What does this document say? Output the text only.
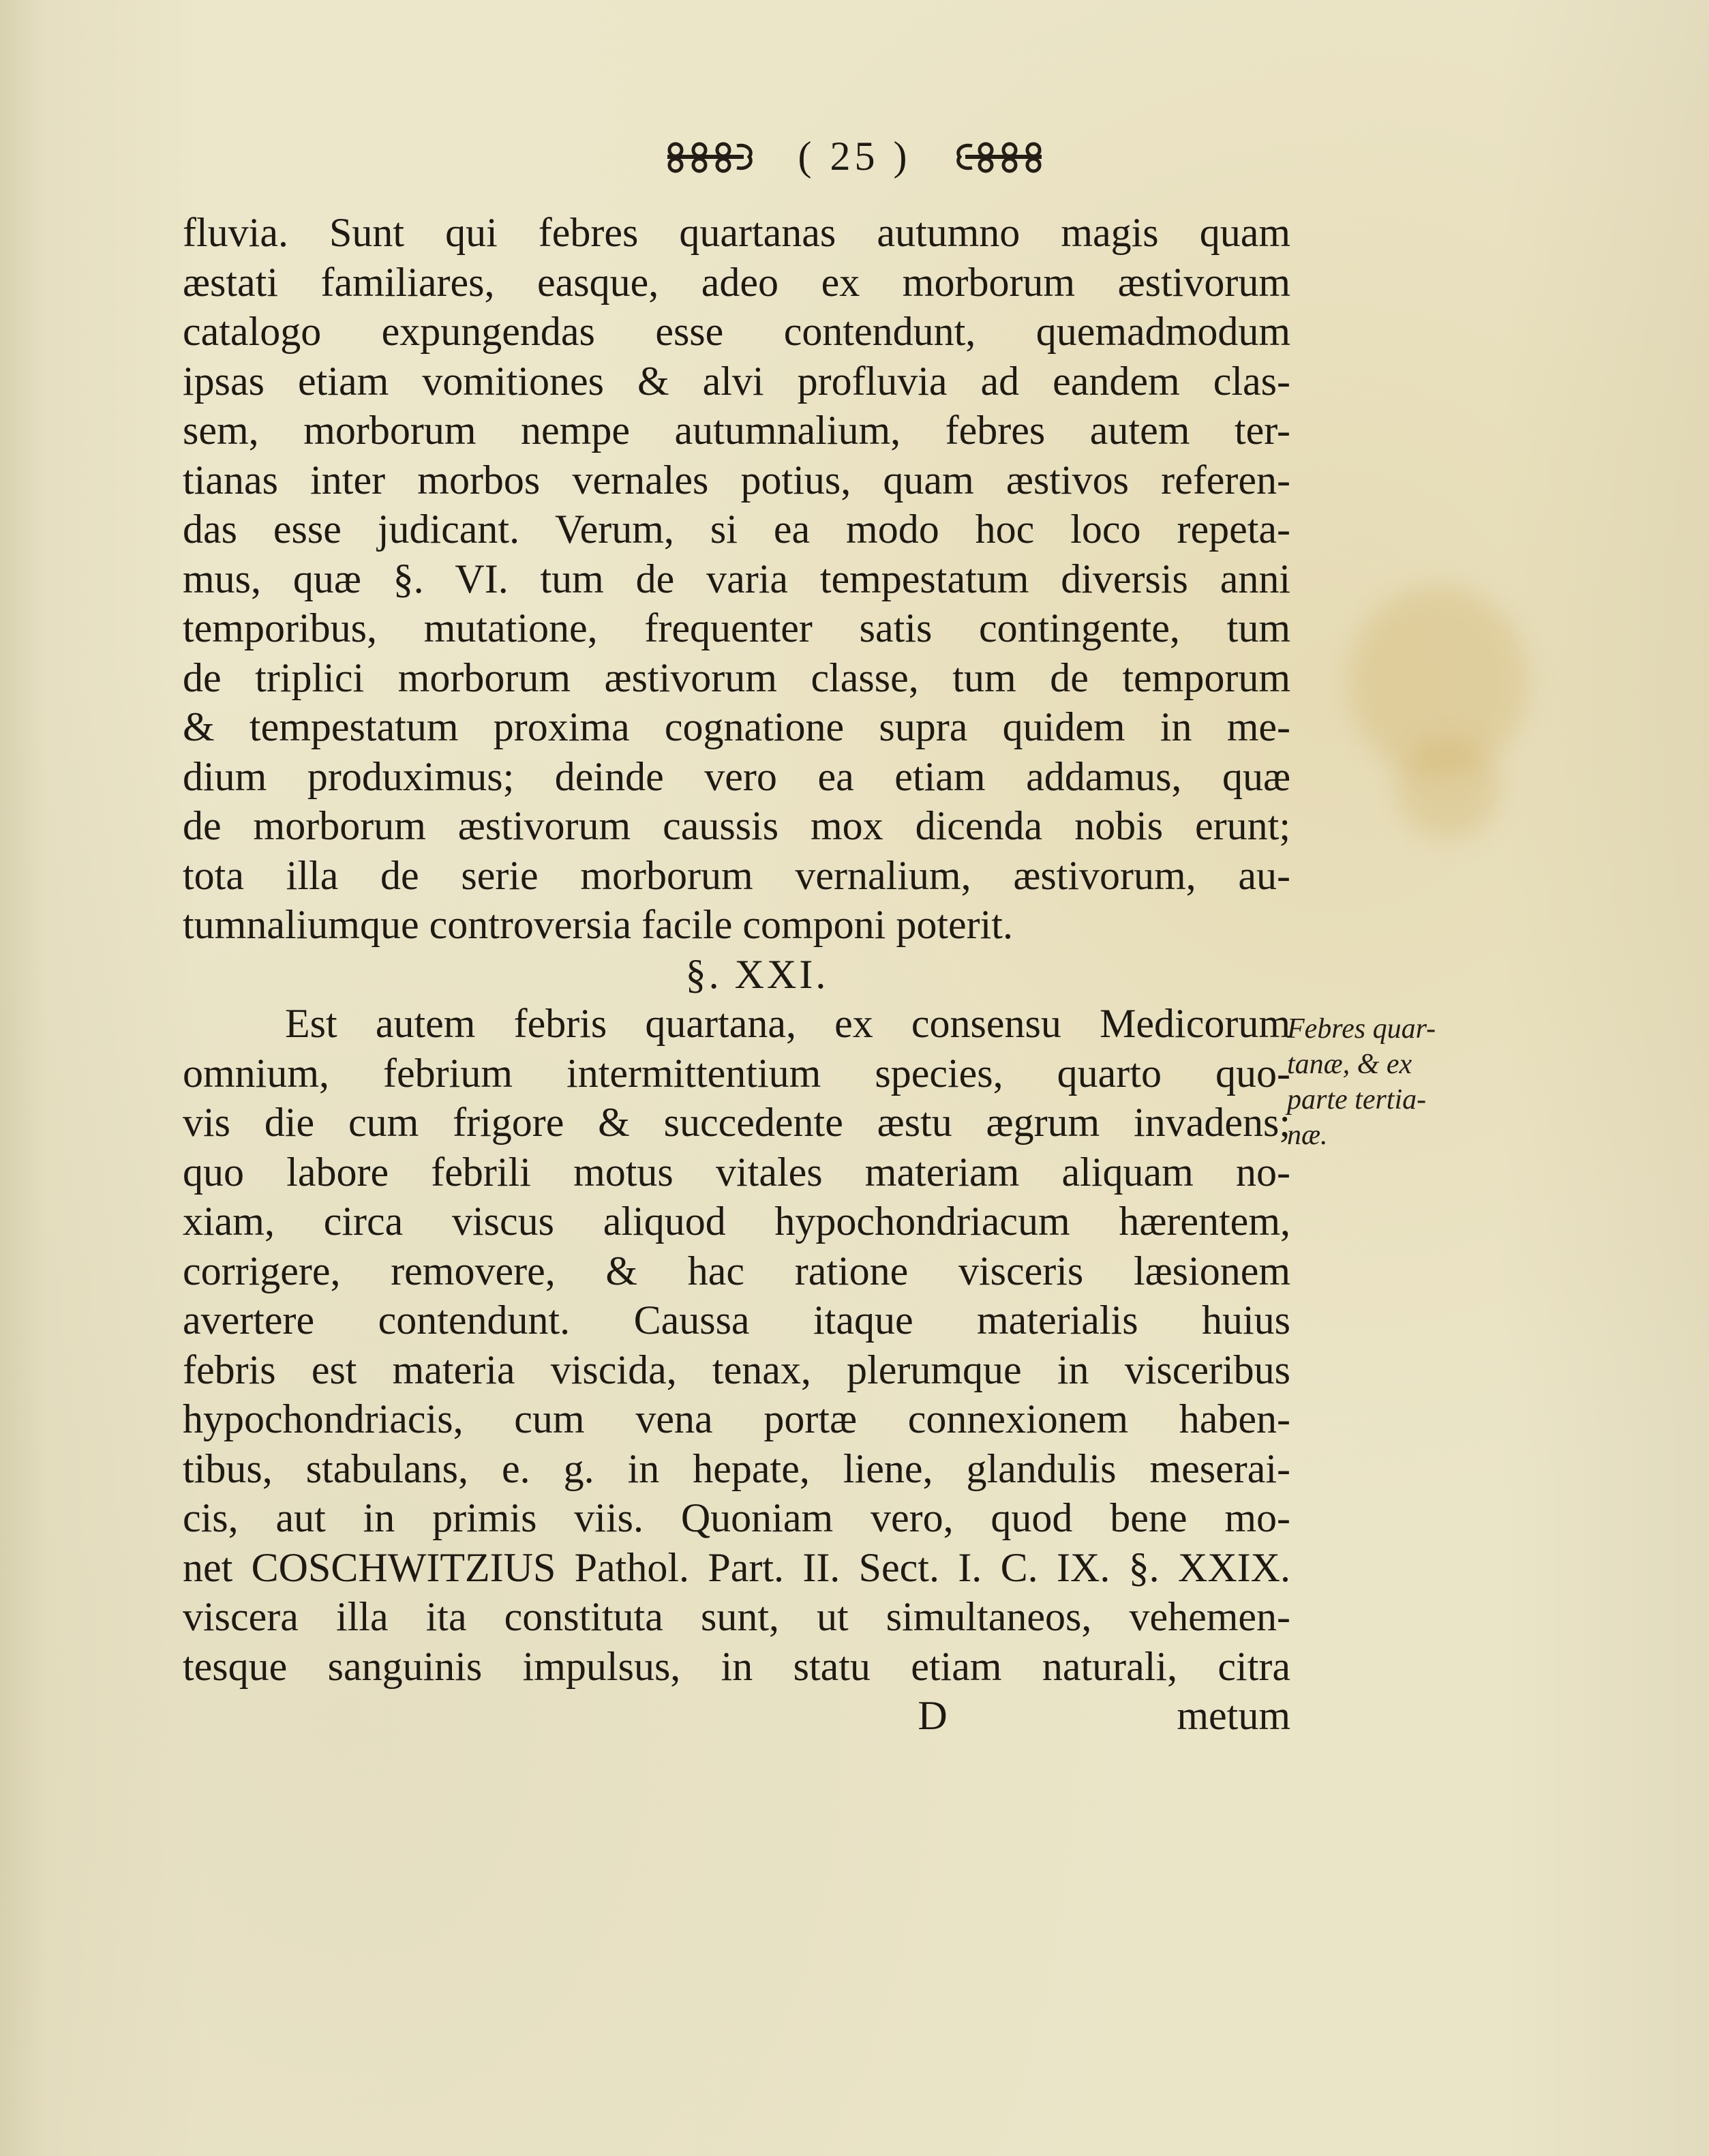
( 25 )
fluvia. Sunt qui febres quartanas autumno magis quam
æstati familiares, easque, adeo ex morborum æstivorum
catalogo expungendas esse contendunt, quemadmodum
ipsas etiam vomitiones & alvi profluvia ad eandem clas-
sem, morborum nempe autumnalium, febres autem ter-
tianas inter morbos vernales potius, quam æstivos referen-
das esse judicant. Verum, si ea modo hoc loco repeta-
mus, quæ §. VI. tum de varia tempestatum diversis anni
temporibus, mutatione, frequenter satis contingente, tum
de triplici morborum æstivorum classe, tum de temporum
& tempestatum proxima cognatione supra quidem in me-
dium produximus; deinde vero ea etiam addamus, quæ
de morborum æstivorum caussis mox dicenda nobis erunt;
tota illa de serie morborum vernalium, æstivorum, au-
tumnaliumque controversia facile componi poterit.
§. XXI.
Est autem febris quartana, ex consensu Medicorum
omnium, febrium intermittentium species, quarto quo-
vis die cum frigore & succedente æstu ægrum invadens;
quo labore febrili motus vitales materiam aliquam no-
xiam, circa viscus aliquod hypochondriacum hærentem,
corrigere, removere, & hac ratione visceris læsionem
avertere contendunt. Caussa itaque materialis huius
febris est materia viscida, tenax, plerumque in visceribus
hypochondriacis, cum vena portæ connexionem haben-
tibus, stabulans, e. g. in hepate, liene, glandulis meserai-
cis, aut in primis viis. Quoniam vero, quod bene mo-
net COSCHWITZIUS Pathol. Part. II. Sect. I. C. IX. §. XXIX.
viscera illa ita constituta sunt, ut simultaneos, vehemen-
tesque sanguinis impulsus, in statu etiam naturali, citra
D	metum
Febres quar-
tanæ, & ex
parte tertia-
næ.
